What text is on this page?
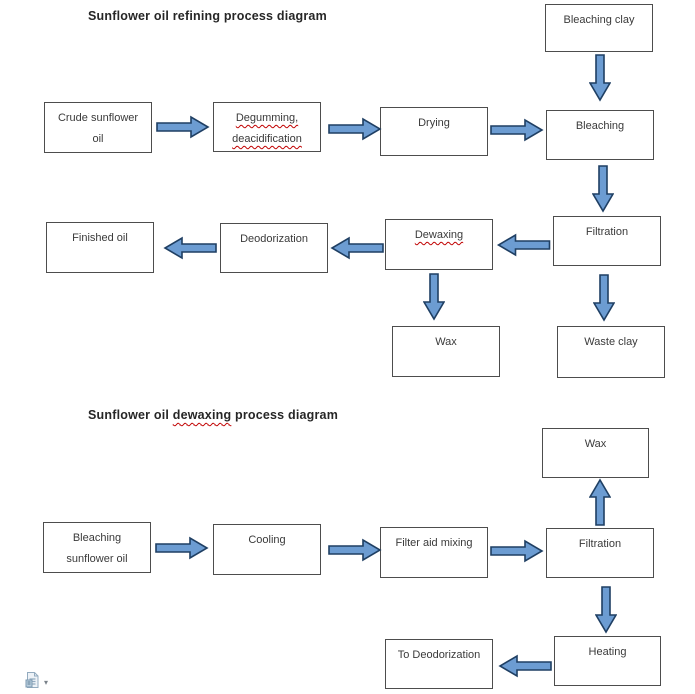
Sunflower oil refining process diagram	Bleaching clay
Crude sunflower
oil
Degumming,
deacidification
Drying	Bleaching
Filtration
Dewaxing
Deodorization
Finished oil
Wax	Waste clay
Sunflower oil dewaxing process diagram
Wax
Bleaching
sunflower oil
Cooling	Filter aid mixing	Filtration
Heating
To Deodorization
▾
